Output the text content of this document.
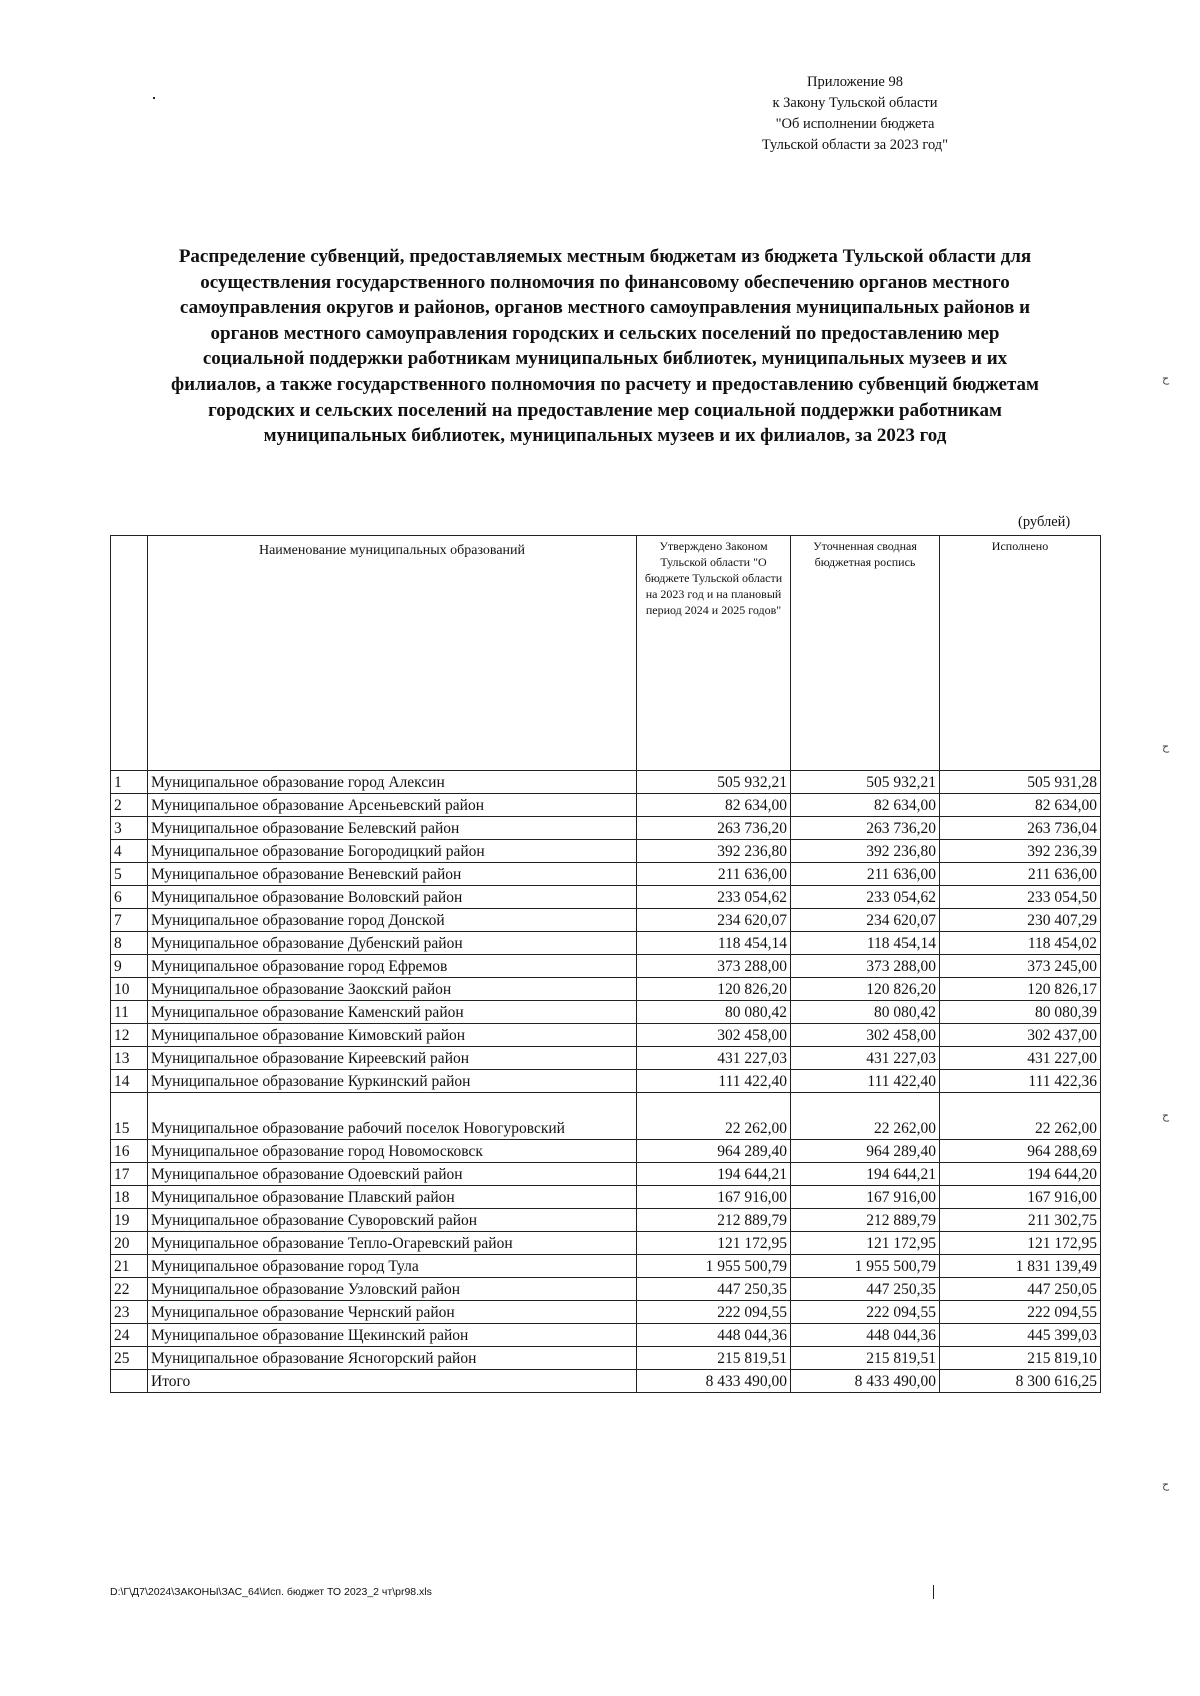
Приложение 98
к Закону Тульской области
"Об исполнении бюджета
Тульской области за 2023 год"
Распределение субвенций, предоставляемых местным бюджетам из бюджета Тульской области для
осуществления государственного полномочия по финансовому обеспечению органов местного
самоуправления округов и районов, органов местного самоуправления муниципальных районов и
органов местного самоуправления городских и сельских поселений по предоставлению мер
социальной поддержки работникам муниципальных библиотек, муниципальных музеев и их
филиалов, а также государственного полномочия по расчету и предоставлению субвенций бюджетам
городских и сельских поселений на предоставление мер социальной поддержки работникам
муниципальных библиотек, муниципальных музеев и их филиалов, за 2023 год
(рублей)
	Наименование муниципальных образований	Утверждено Законом Тульской области "О бюджете Тульской области на 2023 год и на плановый период 2024 и 2025 годов"	Уточненная сводная бюджетная роспись	Исполнено
1	Муниципальное образование город Алексин	505 932,21	505 932,21	505 931,28
2	Муниципальное образование Арсеньевский район	82 634,00	82 634,00	82 634,00
3	Муниципальное образование Белевский район	263 736,20	263 736,20	263 736,04
4	Муниципальное образование Богородицкий район	392 236,80	392 236,80	392 236,39
5	Муниципальное образование Веневский район	211 636,00	211 636,00	211 636,00
6	Муниципальное образование Воловский район	233 054,62	233 054,62	233 054,50
7	Муниципальное образование город Донской	234 620,07	234 620,07	230 407,29
8	Муниципальное образование Дубенский район	118 454,14	118 454,14	118 454,02
9	Муниципальное образование город Ефремов	373 288,00	373 288,00	373 245,00
10	Муниципальное образование Заокский район	120 826,20	120 826,20	120 826,17
11	Муниципальное образование Каменский район	80 080,42	80 080,42	80 080,39
12	Муниципальное образование Кимовский район	302 458,00	302 458,00	302 437,00
13	Муниципальное образование Киреевский район	431 227,03	431 227,03	431 227,00
14	Муниципальное образование Куркинский район	111 422,40	111 422,40	111 422,36
15	Муниципальное образование рабочий поселок Новогуровский	22 262,00	22 262,00	22 262,00
16	Муниципальное образование город Новомосковск	964 289,40	964 289,40	964 288,69
17	Муниципальное образование Одоевский район	194 644,21	194 644,21	194 644,20
18	Муниципальное образование Плавский район	167 916,00	167 916,00	167 916,00
19	Муниципальное образование Суворовский район	212 889,79	212 889,79	211 302,75
20	Муниципальное образование Тепло-Огаревский район	121 172,95	121 172,95	121 172,95
21	Муниципальное образование город Тула	1 955 500,79	1 955 500,79	1 831 139,49
22	Муниципальное образование Узловский район	447 250,35	447 250,35	447 250,05
23	Муниципальное образование Чернский район	222 094,55	222 094,55	222 094,55
24	Муниципальное образование Щекинский район	448 044,36	448 044,36	445 399,03
25	Муниципальное образование Ясногорский район	215 819,51	215 819,51	215 819,10
	Итого	8 433 490,00	8 433 490,00	8 300 616,25
ح
ح
ح
ح
D:\Г\Д7\2024\ЗАКОНЫ\ЗАС_64\Исп. бюджет ТО 2023_2 чт\pr98.xls
